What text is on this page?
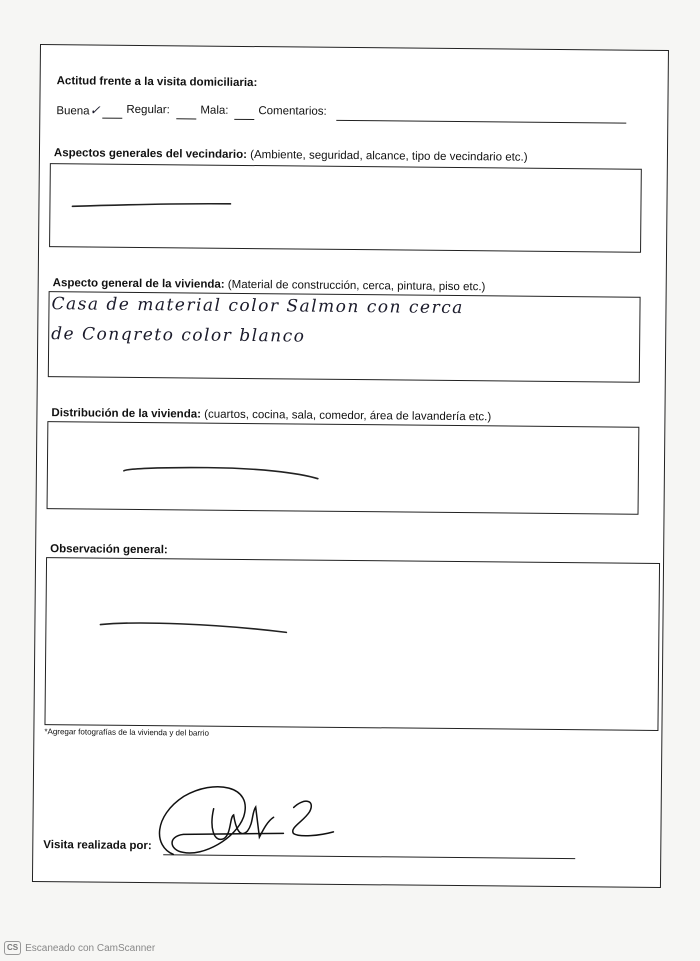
Actitud frente a la visita domiciliaria:
Buena✓ Regular:	Mala:	Comentarios:
Aspectos generales del vecindario: (Ambiente, seguridad, alcance, tipo de vecindario etc.)
Aspecto general de la vivienda: (Material de construcción, cerca, pintura, piso etc.)
Casa de material color Salmon con cerca
de Conqreto color blanco
Distribución de la vivienda: (cuartos, cocina, sala, comedor, área de lavandería etc.)
Observación general:
*Agregar fotografías de la vivienda y del barrio
Visita realizada por:
CS Escaneado con CamScanner
